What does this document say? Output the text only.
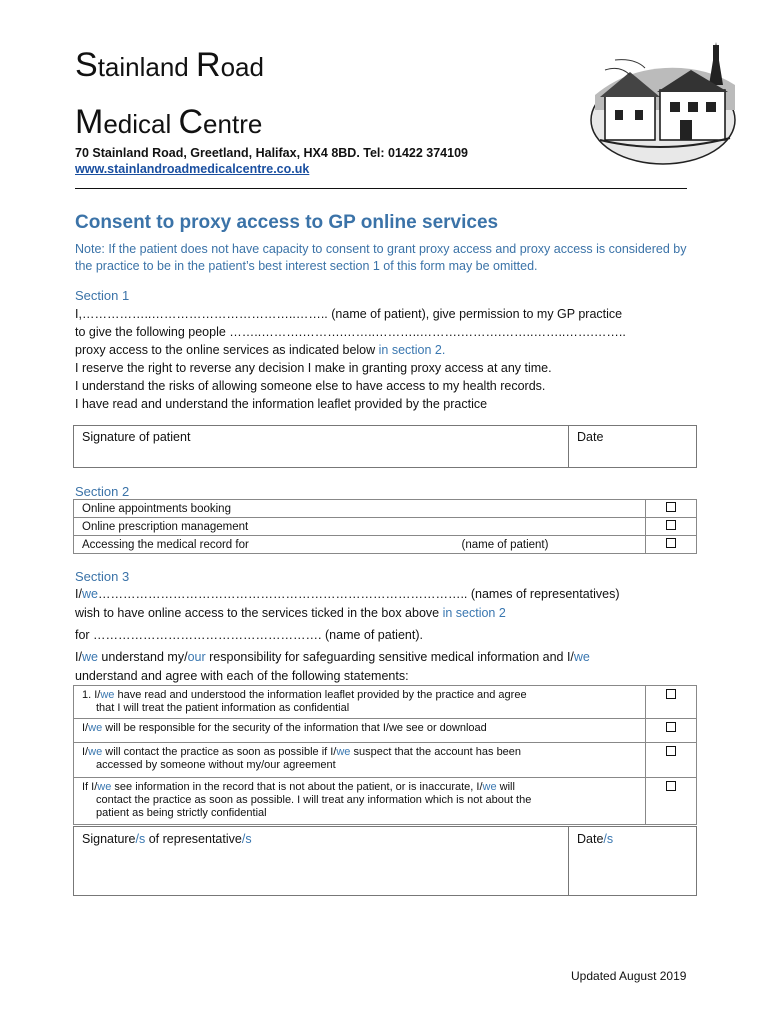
Stainland Road
Medical Centre
70 Stainland Road, Greetland, Halifax, HX4 8BD. Tel: 01422 374109
www.stainlandroadmedicalcentre.co.uk
Consent to proxy access to GP online services
Note: If the patient does not have capacity to consent to grant proxy access and proxy access is considered by the practice to be in the patient’s best interest section 1 of this form may be omitted.
Section 1
I,……………..……………………………..…….. (name of patient), give permission to my GP practice
to give the following people ……..……….……….……..………..……….……….……..……..…….……..
proxy access to the online services as indicated below in section 2.
I reserve the right to reverse any decision I make in granting proxy access at any time.
I understand the risks of allowing someone else to have access to my health records.
I have read and understand the information leaflet provided by the practice
Signature of patient	Date
Section 2
Online appointments booking	
Online prescription management	
Accessing the medical record for (name of patient)	

Section 3
I/we…………………………………………………………………………….. (names of representatives)
wish to have online access to the services ticked in the box above in section 2
for ………………………………………………. (name of patient).
I/we understand my/our responsibility for safeguarding sensitive medical information and I/we
understand and agree with each of the following statements:
1. I/we have read and understood the information leaflet provided by the practice and agree
that I will treat the patient information as confidential	
I/we will be responsible for the security of the information that I/we see or download	
I/we will contact the practice as soon as possible if I/we suspect that the account has been
accessed by someone without my/our agreement	
If I/we see information in the record that is not about the patient, or is inaccurate, I/we will
contact the practice as soon as possible. I will treat any information which is not about the
patient as being strictly confidential	
Signature/s of representative/s	Date/s
Updated August 2019
